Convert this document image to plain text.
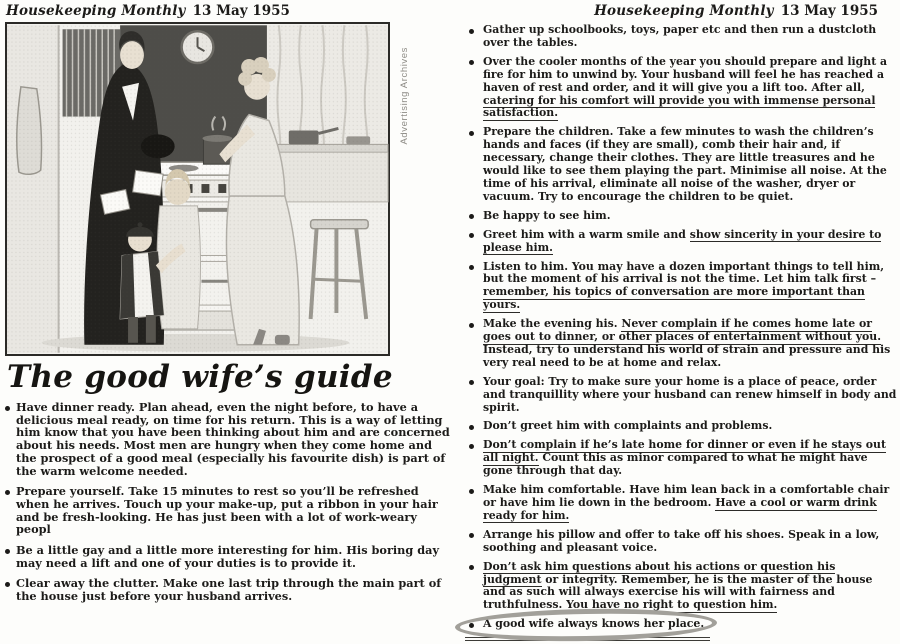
Housekeeping Monthly 13 May 1955	Housekeeping Monthly 13 May 1955
Advertising Archives
The good wife’s guide
Have dinner ready. Plan ahead, even the night before, to have a delicious meal ready, on time for his return. This is a way of letting him know that you have been thinking about him and are concerned about his needs. Most men are hungry when they come home and the prospect of a good meal (especially his favourite dish) is part of the warm welcome needed.
Prepare yourself. Take 15 minutes to rest so you’ll be refreshed when he arrives. Touch up your make-up, put a ribbon in your hair and be fresh-looking. He has just been with a lot of work-weary peopl
Be a little gay and a little more interesting for him. His boring day may need a lift and one of your duties is to provide it.
Clear away the clutter. Make one last trip through the main part of the house just before your husband arrives.
Gather up schoolbooks, toys, paper etc and then run a dustcloth over the tables.
Over the cooler months of the year you should prepare and light a fire for him to unwind by. Your husband will feel he has reached a haven of rest and order, and it will give you a lift too. After all, catering for his comfort will provide you with immense personal satisfaction.
Prepare the children. Take a few minutes to wash the children’s hands and faces (if they are small), comb their hair and, if necessary, change their clothes. They are little treasures and he would like to see them playing the part. Minimise all noise. At the time of his arrival, eliminate all noise of the washer, dryer or vacuum. Try to encourage the children to be quiet.
Be happy to see him.
Greet him with a warm smile and show sincerity in your desire to please him.
Listen to him. You may have a dozen important things to tell him, but the moment of his arrival is not the time. Let him talk first – remember, his topics of conversation are more important than yours.
Make the evening his. Never complain if he comes home late or goes out to dinner, or other places of entertainment without you. Instead, try to understand his world of strain and pressure and his very real need to be at home and relax.
Your goal: Try to make sure your home is a place of peace, order and tranquillity where your husband can renew himself in body and spirit.
Don’t greet him with complaints and problems.
Don’t complain if he’s late home for dinner or even if he stays out all night. Count this as minor compared to what he might have gone through that day.
Make him comfortable. Have him lean back in a comfortable chair or have him lie down in the bedroom. Have a cool or warm drink ready for him.
Arrange his pillow and offer to take off his shoes. Speak in a low, soothing and pleasant voice.
Don’t ask him questions about his actions or question his judgment or integrity. Remember, he is the master of the house and as such will always exercise his will with fairness and truthfulness. You have no right to question him.
A good wife always knows her place.
